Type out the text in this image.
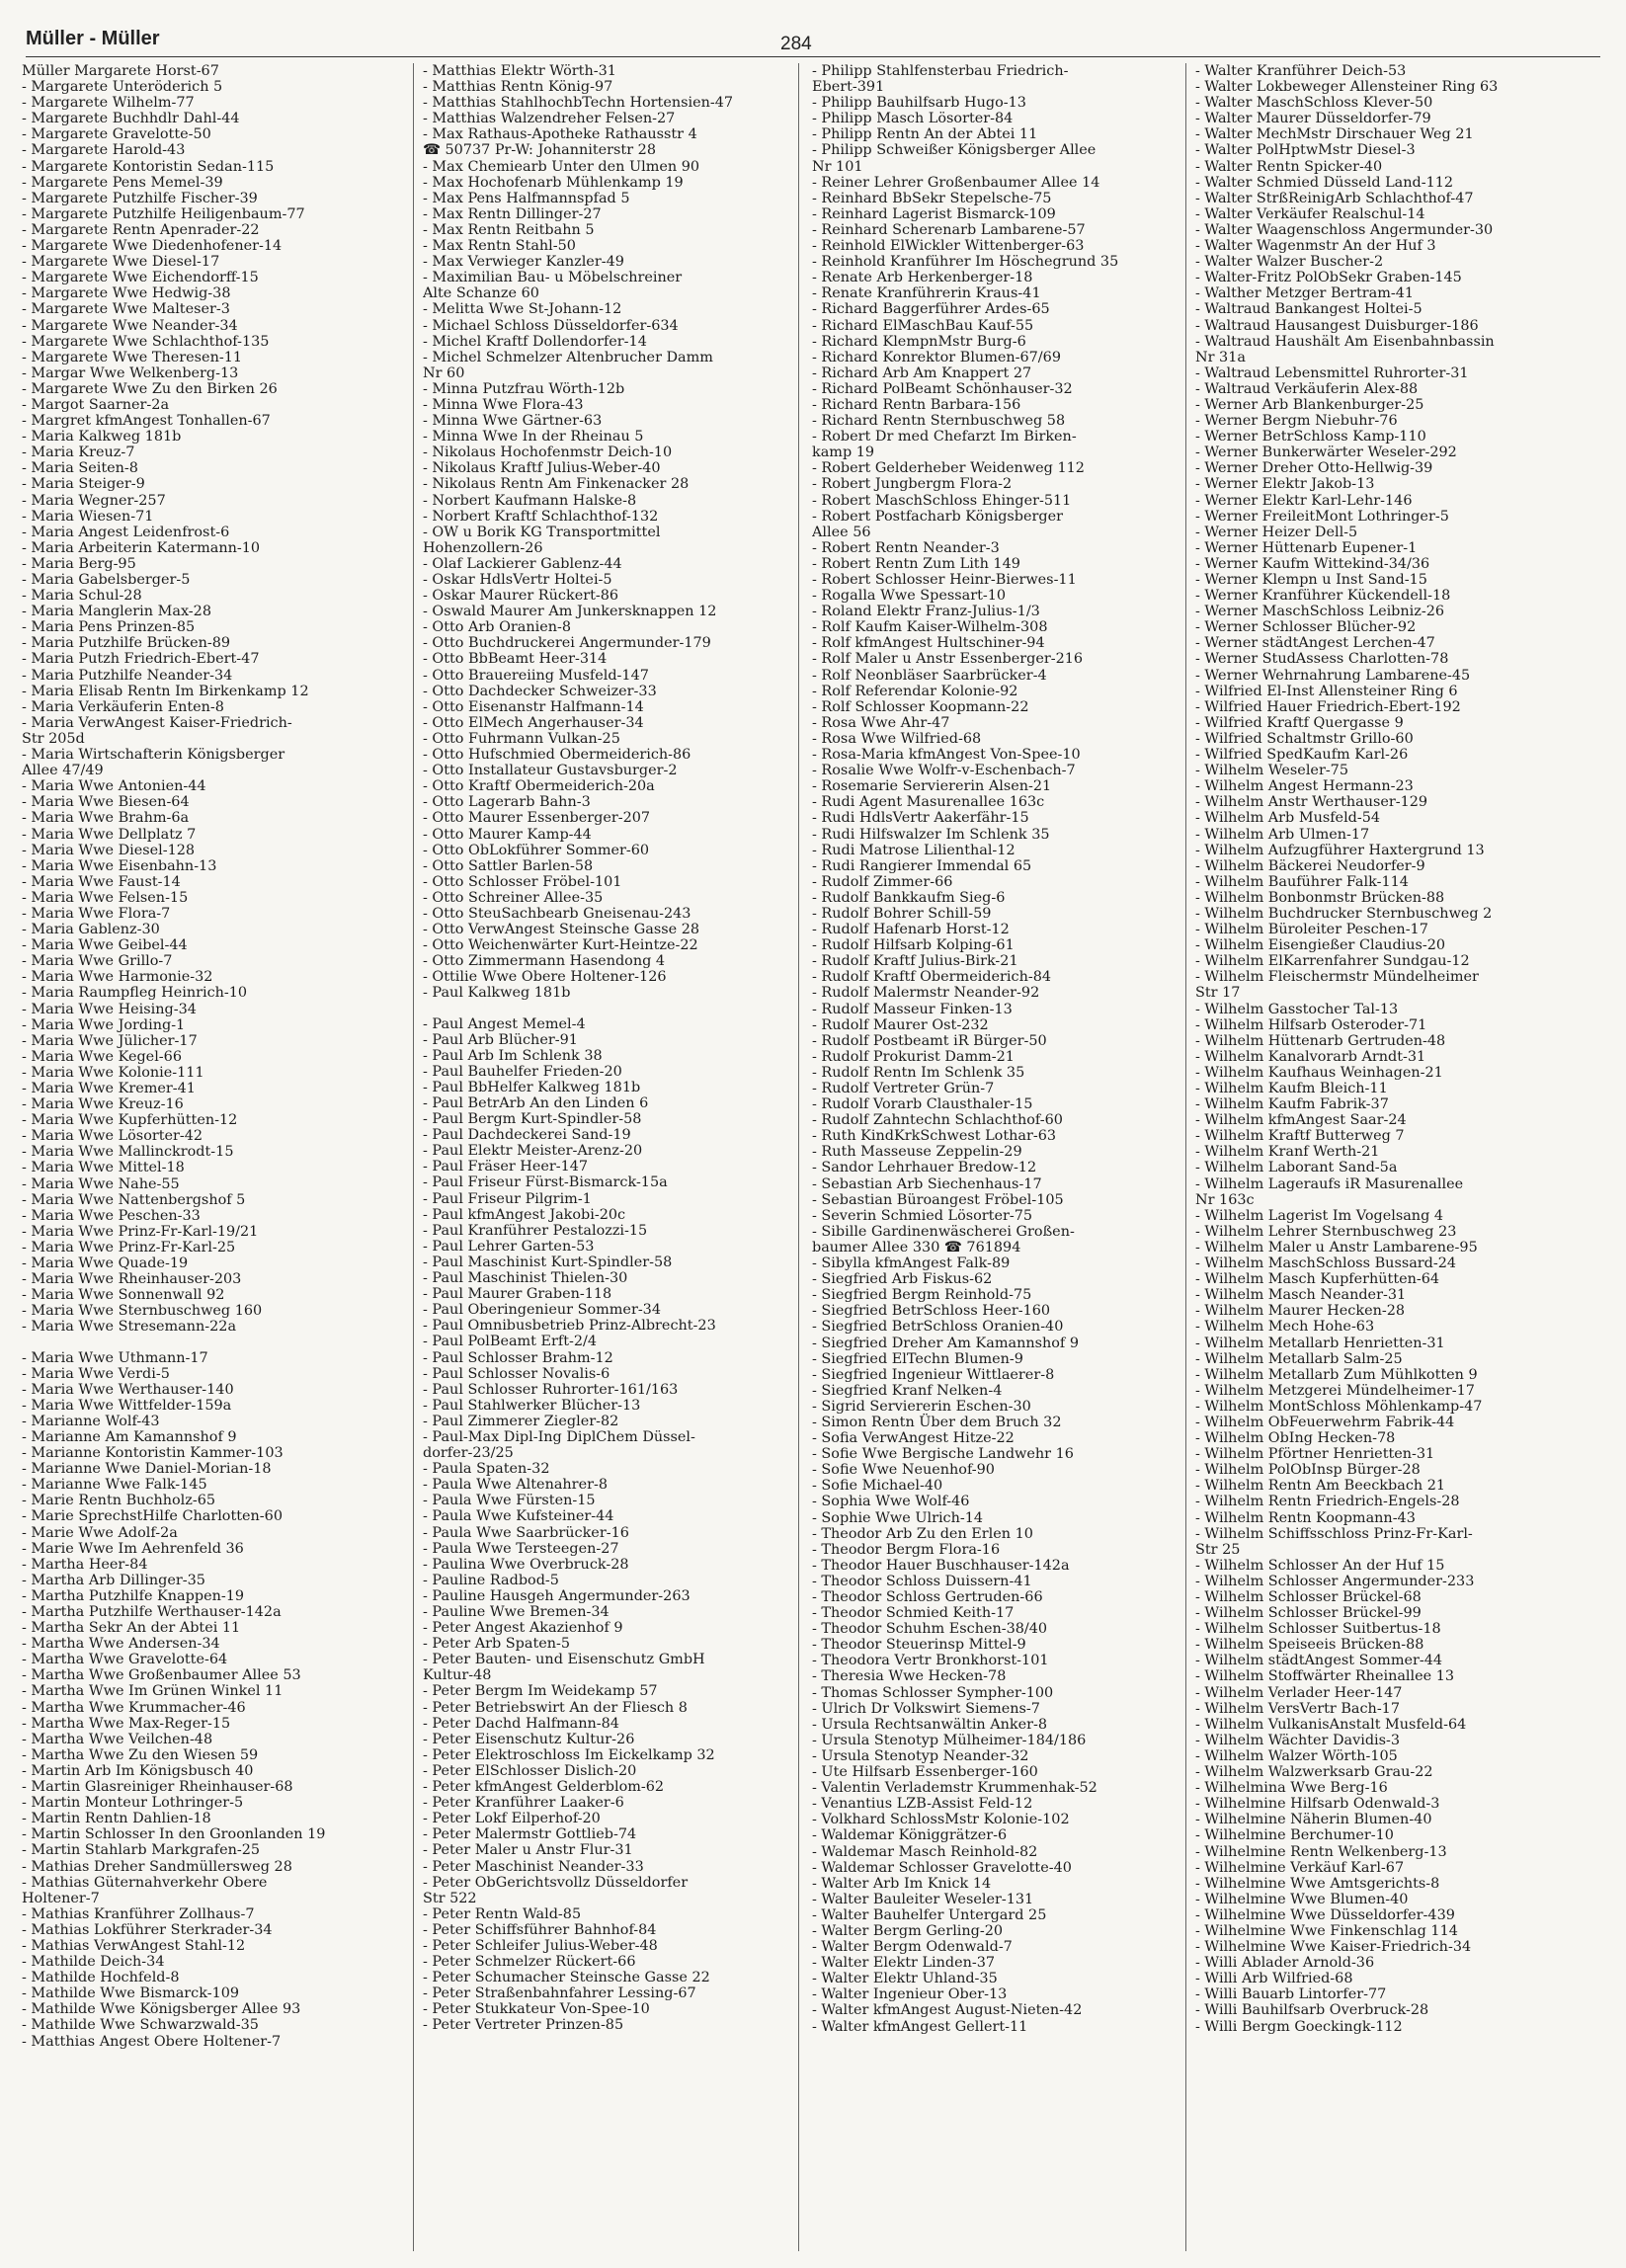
Müller - Müller	284
Müller Margarete Horst-67
- Margarete Unteröderich 5
- Margarete Wilhelm-77
- Margarete Buchhdlr Dahl-44
- Margarete Gravelotte-50
- Margarete Harold-43
- Margarete Kontoristin Sedan-115
- Margarete Pens Memel-39
- Margarete Putzhilfe Fischer-39
- Margarete Putzhilfe Heiligenbaum-77
- Margarete Rentn Apenrader-22
- Margarete Wwe Diedenhofener-14
- Margarete Wwe Diesel-17
- Margarete Wwe Eichendorff-15
- Margarete Wwe Hedwig-38
- Margarete Wwe Malteser-3
- Margarete Wwe Neander-34
- Margarete Wwe Schlachthof-135
- Margarete Wwe Theresen-11
- Margar Wwe Welkenberg-13
- Margarete Wwe Zu den Birken 26
- Margot Saarner-2a
- Margret kfmAngest Tonhallen-67
- Maria Kalkweg 181b
- Maria Kreuz-7
- Maria Seiten-8
- Maria Steiger-9
- Maria Wegner-257
- Maria Wiesen-71
- Maria Angest Leidenfrost-6
- Maria Arbeiterin Katermann-10
- Maria Berg-95
- Maria Gabelsberger-5
- Maria Schul-28
- Maria Manglerin Max-28
- Maria Pens Prinzen-85
- Maria Putzhilfe Brücken-89
- Maria Putzh Friedrich-Ebert-47
- Maria Putzhilfe Neander-34
- Maria Elisab Rentn Im Birkenkamp 12
- Maria Verkäuferin Enten-8
- Maria VerwAngest Kaiser-Friedrich-
Str 205d
- Maria Wirtschafterin Königsberger
Allee 47/49
- Maria Wwe Antonien-44
- Maria Wwe Biesen-64
- Maria Wwe Brahm-6a
- Maria Wwe Dellplatz 7
- Maria Wwe Diesel-128
- Maria Wwe Eisenbahn-13
- Maria Wwe Faust-14
- Maria Wwe Felsen-15
- Maria Wwe Flora-7
- Maria Gablenz-30
- Maria Wwe Geibel-44
- Maria Wwe Grillo-7
- Maria Wwe Harmonie-32
- Maria Raumpfleg Heinrich-10
- Maria Wwe Heising-34
- Maria Wwe Jording-1
- Maria Wwe Jülicher-17
- Maria Wwe Kegel-66
- Maria Wwe Kolonie-111
- Maria Wwe Kremer-41
- Maria Wwe Kreuz-16
- Maria Wwe Kupferhütten-12
- Maria Wwe Lösorter-42
- Maria Wwe Mallinckrodt-15
- Maria Wwe Mittel-18
- Maria Wwe Nahe-55
- Maria Wwe Nattenbergshof 5
- Maria Wwe Peschen-33
- Maria Wwe Prinz-Fr-Karl-19/21
- Maria Wwe Prinz-Fr-Karl-25
- Maria Wwe Quade-19
- Maria Wwe Rheinhauser-203
- Maria Wwe Sonnenwall 92
- Maria Wwe Sternbuschweg 160
- Maria Wwe Stresemann-22a
- Maria Wwe Uthmann-17
- Maria Wwe Verdi-5
- Maria Wwe Werthauser-140
- Maria Wwe Wittfelder-159a
- Marianne Wolf-43
- Marianne Am Kamannshof 9
- Marianne Kontoristin Kammer-103
- Marianne Wwe Daniel-Morian-18
- Marianne Wwe Falk-145
- Marie Rentn Buchholz-65
- Marie SprechstHilfe Charlotten-60
- Marie Wwe Adolf-2a
- Marie Wwe Im Aehrenfeld 36
- Martha Heer-84
- Martha Arb Dillinger-35
- Martha Putzhilfe Knappen-19
- Martha Putzhilfe Werthauser-142a
- Martha Sekr An der Abtei 11
- Martha Wwe Andersen-34
- Martha Wwe Gravelotte-64
- Martha Wwe Großenbaumer Allee 53
- Martha Wwe Im Grünen Winkel 11
- Martha Wwe Krummacher-46
- Martha Wwe Max-Reger-15
- Martha Wwe Veilchen-48
- Martha Wwe Zu den Wiesen 59
- Martin Arb Im Königsbusch 40
- Martin Glasreiniger Rheinhauser-68
- Martin Monteur Lothringer-5
- Martin Rentn Dahlien-18
- Martin Schlosser In den Groonlanden 19
- Martin Stahlarb Markgrafen-25
- Mathias Dreher Sandmüllersweg 28
- Mathias Güternahverkehr Obere
Holtener-7
- Mathias Kranführer Zollhaus-7
- Mathias Lokführer Sterkrader-34
- Mathias VerwAngest Stahl-12
- Mathilde Deich-34
- Mathilde Hochfeld-8
- Mathilde Wwe Bismarck-109
- Mathilde Wwe Königsberger Allee 93
- Mathilde Wwe Schwarzwald-35
- Matthias Angest Obere Holtener-7
- Matthias Elektr Wörth-31
- Matthias Rentn König-97
- Matthias StahlhochbTechn Hortensien-47
- Matthias Walzendreher Felsen-27
- Max Rathaus-Apotheke Rathausstr 4
☎ 50737 Pr-W: Johanniterstr 28
- Max Chemiearb Unter den Ulmen 90
- Max Hochofenarb Mühlenkamp 19
- Max Pens Halfmannspfad 5
- Max Rentn Dillinger-27
- Max Rentn Reitbahn 5
- Max Rentn Stahl-50
- Max Verwieger Kanzler-49
- Maximilian Bau- u Möbelschreiner
Alte Schanze 60
- Melitta Wwe St-Johann-12
- Michael Schloss Düsseldorfer-634
- Michel Kraftf Dollendorfer-14
- Michel Schmelzer Altenbrucher Damm
Nr 60
- Minna Putzfrau Wörth-12b
- Minna Wwe Flora-43
- Minna Wwe Gärtner-63
- Minna Wwe In der Rheinau 5
- Nikolaus Hochofenmstr Deich-10
- Nikolaus Kraftf Julius-Weber-40
- Nikolaus Rentn Am Finkenacker 28
- Norbert Kaufmann Halske-8
- Norbert Kraftf Schlachthof-132
- OW u Borik KG Transportmittel
Hohenzollern-26
- Olaf Lackierer Gablenz-44
- Oskar HdlsVertr Holtei-5
- Oskar Maurer Rückert-86
- Oswald Maurer Am Junkersknappen 12
- Otto Arb Oranien-8
- Otto Buchdruckerei Angermunder-179
- Otto BbBeamt Heer-314
- Otto Brauereiing Musfeld-147
- Otto Dachdecker Schweizer-33
- Otto Eisenanstr Halfmann-14
- Otto ElMech Angerhauser-34
- Otto Fuhrmann Vulkan-25
- Otto Hufschmied Obermeiderich-86
- Otto Installateur Gustavsburger-2
- Otto Kraftf Obermeiderich-20a
- Otto Lagerarb Bahn-3
- Otto Maurer Essenberger-207
- Otto Maurer Kamp-44
- Otto ObLokführer Sommer-60
- Otto Sattler Barlen-58
- Otto Schlosser Fröbel-101
- Otto Schreiner Allee-35
- Otto SteuSachbearb Gneisenau-243
- Otto VerwAngest Steinsche Gasse 28
- Otto Weichenwärter Kurt-Heintze-22
- Otto Zimmermann Hasendong 4
- Ottilie Wwe Obere Holtener-126
- Paul Kalkweg 181b
- Paul Angest Memel-4
- Paul Arb Blücher-91
- Paul Arb Im Schlenk 38
- Paul Bauhelfer Frieden-20
- Paul BbHelfer Kalkweg 181b
- Paul BetrArb An den Linden 6
- Paul Bergm Kurt-Spindler-58
- Paul Dachdeckerei Sand-19
- Paul Elektr Meister-Arenz-20
- Paul Fräser Heer-147
- Paul Friseur Fürst-Bismarck-15a
- Paul Friseur Pilgrim-1
- Paul kfmAngest Jakobi-20c
- Paul Kranführer Pestalozzi-15
- Paul Lehrer Garten-53
- Paul Maschinist Kurt-Spindler-58
- Paul Maschinist Thielen-30
- Paul Maurer Graben-118
- Paul Oberingenieur Sommer-34
- Paul Omnibusbetrieb Prinz-Albrecht-23
- Paul PolBeamt Erft-2/4
- Paul Schlosser Brahm-12
- Paul Schlosser Novalis-6
- Paul Schlosser Ruhrorter-161/163
- Paul Stahlwerker Blücher-13
- Paul Zimmerer Ziegler-82
- Paul-Max Dipl-Ing DiplChem Düssel-
dorfer-23/25
- Paula Spaten-32
- Paula Wwe Altenahrer-8
- Paula Wwe Fürsten-15
- Paula Wwe Kufsteiner-44
- Paula Wwe Saarbrücker-16
- Paula Wwe Tersteegen-27
- Paulina Wwe Overbruck-28
- Pauline Radbod-5
- Pauline Hausgeh Angermunder-263
- Pauline Wwe Bremen-34
- Peter Angest Akazienhof 9
- Peter Arb Spaten-5
- Peter Bauten- und Eisenschutz GmbH
Kultur-48
- Peter Bergm Im Weidekamp 57
- Peter Betriebswirt An der Fliesch 8
- Peter Dachd Halfmann-84
- Peter Eisenschutz Kultur-26
- Peter Elektroschloss Im Eickelkamp 32
- Peter ElSchlosser Dislich-20
- Peter kfmAngest Gelderblom-62
- Peter Kranführer Laaker-6
- Peter Lokf Eilperhof-20
- Peter Malermstr Gottlieb-74
- Peter Maler u Anstr Flur-31
- Peter Maschinist Neander-33
- Peter ObGerichtsvollz Düsseldorfer
Str 522
- Peter Rentn Wald-85
- Peter Schiffsführer Bahnhof-84
- Peter Schleifer Julius-Weber-48
- Peter Schmelzer Rückert-66
- Peter Schumacher Steinsche Gasse 22
- Peter Straßenbahnfahrer Lessing-67
- Peter Stukkateur Von-Spee-10
- Peter Vertreter Prinzen-85
- Philipp Stahlfensterbau Friedrich-
Ebert-391
- Philipp Bauhilfsarb Hugo-13
- Philipp Masch Lösorter-84
- Philipp Rentn An der Abtei 11
- Philipp Schweißer Königsberger Allee
Nr 101
- Reiner Lehrer Großenbaumer Allee 14
- Reinhard BbSekr Stepelsche-75
- Reinhard Lagerist Bismarck-109
- Reinhard Scherenarb Lambarene-57
- Reinhold ElWickler Wittenberger-63
- Reinhold Kranführer Im Höschegrund 35
- Renate Arb Herkenberger-18
- Renate Kranführerin Kraus-41
- Richard Baggerführer Ardes-65
- Richard ElMaschBau Kauf-55
- Richard KlempnMstr Burg-6
- Richard Konrektor Blumen-67/69
- Richard Arb Am Knappert 27
- Richard PolBeamt Schönhauser-32
- Richard Rentn Barbara-156
- Richard Rentn Sternbuschweg 58
- Robert Dr med Chefarzt Im Birken-
kamp 19
- Robert Gelderheber Weidenweg 112
- Robert Jungbergm Flora-2
- Robert MaschSchloss Ehinger-511
- Robert Postfacharb Königsberger
Allee 56
- Robert Rentn Neander-3
- Robert Rentn Zum Lith 149
- Robert Schlosser Heinr-Bierwes-11
- Rogalla Wwe Spessart-10
- Roland Elektr Franz-Julius-1/3
- Rolf Kaufm Kaiser-Wilhelm-308
- Rolf kfmAngest Hultschiner-94
- Rolf Maler u Anstr Essenberger-216
- Rolf Neonbläser Saarbrücker-4
- Rolf Referendar Kolonie-92
- Rolf Schlosser Koopmann-22
- Rosa Wwe Ahr-47
- Rosa Wwe Wilfried-68
- Rosa-Maria kfmAngest Von-Spee-10
- Rosalie Wwe Wolfr-v-Eschenbach-7
- Rosemarie Serviererin Alsen-21
- Rudi Agent Masurenallee 163c
- Rudi HdlsVertr Aakerfähr-15
- Rudi Hilfswalzer Im Schlenk 35
- Rudi Matrose Lilienthal-12
- Rudi Rangierer Immendal 65
- Rudolf Zimmer-66
- Rudolf Bankkaufm Sieg-6
- Rudolf Bohrer Schill-59
- Rudolf Hafenarb Horst-12
- Rudolf Hilfsarb Kolping-61
- Rudolf Kraftf Julius-Birk-21
- Rudolf Kraftf Obermeiderich-84
- Rudolf Malermstr Neander-92
- Rudolf Masseur Finken-13
- Rudolf Maurer Ost-232
- Rudolf Postbeamt iR Bürger-50
- Rudolf Prokurist Damm-21
- Rudolf Rentn Im Schlenk 35
- Rudolf Vertreter Grün-7
- Rudolf Vorarb Clausthaler-15
- Rudolf Zahntechn Schlachthof-60
- Ruth KindKrkSchwest Lothar-63
- Ruth Masseuse Zeppelin-29
- Sandor Lehrhauer Bredow-12
- Sebastian Arb Siechenhaus-17
- Sebastian Büroangest Fröbel-105
- Severin Schmied Lösorter-75
- Sibille Gardinenwäscherei Großen-
baumer Allee 330 ☎ 761894
- Sibylla kfmAngest Falk-89
- Siegfried Arb Fiskus-62
- Siegfried Bergm Reinhold-75
- Siegfried BetrSchloss Heer-160
- Siegfried BetrSchloss Oranien-40
- Siegfried Dreher Am Kamannshof 9
- Siegfried ElTechn Blumen-9
- Siegfried Ingenieur Wittlaerer-8
- Siegfried Kranf Nelken-4
- Sigrid Serviererin Eschen-30
- Simon Rentn Über dem Bruch 32
- Sofia VerwAngest Hitze-22
- Sofie Wwe Bergische Landwehr 16
- Sofie Wwe Neuenhof-90
- Sofie Michael-40
- Sophia Wwe Wolf-46
- Sophie Wwe Ulrich-14
- Theodor Arb Zu den Erlen 10
- Theodor Bergm Flora-16
- Theodor Hauer Buschhauser-142a
- Theodor Schloss Duissern-41
- Theodor Schloss Gertruden-66
- Theodor Schmied Keith-17
- Theodor Schuhm Eschen-38/40
- Theodor Steuerinsp Mittel-9
- Theodora Vertr Bronkhorst-101
- Theresia Wwe Hecken-78
- Thomas Schlosser Sympher-100
- Ulrich Dr Volkswirt Siemens-7
- Ursula Rechtsanwältin Anker-8
- Ursula Stenotyp Mülheimer-184/186
- Ursula Stenotyp Neander-32
- Ute Hilfsarb Essenberger-160
- Valentin Verlademstr Krummenhak-52
- Venantius LZB-Assist Feld-12
- Volkhard SchlossMstr Kolonie-102
- Waldemar Königgrätzer-6
- Waldemar Masch Reinhold-82
- Waldemar Schlosser Gravelotte-40
- Walter Arb Im Knick 14
- Walter Bauleiter Weseler-131
- Walter Bauhelfer Untergard 25
- Walter Bergm Gerling-20
- Walter Bergm Odenwald-7
- Walter Elektr Linden-37
- Walter Elektr Uhland-35
- Walter Ingenieur Ober-13
- Walter kfmAngest August-Nieten-42
- Walter kfmAngest Gellert-11
- Walter Kranführer Deich-53
- Walter Lokbeweger Allensteiner Ring 63
- Walter MaschSchloss Klever-50
- Walter Maurer Düsseldorfer-79
- Walter MechMstr Dirschauer Weg 21
- Walter PolHptwMstr Diesel-3
- Walter Rentn Spicker-40
- Walter Schmied Düsseld Land-112
- Walter StrßReinigArb Schlachthof-47
- Walter Verkäufer Realschul-14
- Walter Waagenschloss Angermunder-30
- Walter Wagenmstr An der Huf 3
- Walter Walzer Buscher-2
- Walter-Fritz PolObSekr Graben-145
- Walther Metzger Bertram-41
- Waltraud Bankangest Holtei-5
- Waltraud Hausangest Duisburger-186
- Waltraud Haushält Am Eisenbahnbassin
Nr 31a
- Waltraud Lebensmittel Ruhrorter-31
- Waltraud Verkäuferin Alex-88
- Werner Arb Blankenburger-25
- Werner Bergm Niebuhr-76
- Werner BetrSchloss Kamp-110
- Werner Bunkerwärter Weseler-292
- Werner Dreher Otto-Hellwig-39
- Werner Elektr Jakob-13
- Werner Elektr Karl-Lehr-146
- Werner FreileitMont Lothringer-5
- Werner Heizer Dell-5
- Werner Hüttenarb Eupener-1
- Werner Kaufm Wittekind-34/36
- Werner Klempn u Inst Sand-15
- Werner Kranführer Kückendell-18
- Werner MaschSchloss Leibniz-26
- Werner Schlosser Blücher-92
- Werner städtAngest Lerchen-47
- Werner StudAssess Charlotten-78
- Werner Wehrnahrung Lambarene-45
- Wilfried El-Inst Allensteiner Ring 6
- Wilfried Hauer Friedrich-Ebert-192
- Wilfried Kraftf Quergasse 9
- Wilfried Schaltmstr Grillo-60
- Wilfried SpedKaufm Karl-26
- Wilhelm Weseler-75
- Wilhelm Angest Hermann-23
- Wilhelm Anstr Werthauser-129
- Wilhelm Arb Musfeld-54
- Wilhelm Arb Ulmen-17
- Wilhelm Aufzugführer Haxtergrund 13
- Wilhelm Bäckerei Neudorfer-9
- Wilhelm Bauführer Falk-114
- Wilhelm Bonbonmstr Brücken-88
- Wilhelm Buchdrucker Sternbuschweg 2
- Wilhelm Büroleiter Peschen-17
- Wilhelm Eisengießer Claudius-20
- Wilhelm ElKarrenfahrer Sundgau-12
- Wilhelm Fleischermstr Mündelheimer
Str 17
- Wilhelm Gasstocher Tal-13
- Wilhelm Hilfsarb Osteroder-71
- Wilhelm Hüttenarb Gertruden-48
- Wilhelm Kanalvorarb Arndt-31
- Wilhelm Kaufhaus Weinhagen-21
- Wilhelm Kaufm Bleich-11
- Wilhelm Kaufm Fabrik-37
- Wilhelm kfmAngest Saar-24
- Wilhelm Kraftf Butterweg 7
- Wilhelm Kranf Werth-21
- Wilhelm Laborant Sand-5a
- Wilhelm Lageraufs iR Masurenallee
Nr 163c
- Wilhelm Lagerist Im Vogelsang 4
- Wilhelm Lehrer Sternbuschweg 23
- Wilhelm Maler u Anstr Lambarene-95
- Wilhelm MaschSchloss Bussard-24
- Wilhelm Masch Kupferhütten-64
- Wilhelm Masch Neander-31
- Wilhelm Maurer Hecken-28
- Wilhelm Mech Hohe-63
- Wilhelm Metallarb Henrietten-31
- Wilhelm Metallarb Salm-25
- Wilhelm Metallarb Zum Mühlkotten 9
- Wilhelm Metzgerei Mündelheimer-17
- Wilhelm MontSchloss Möhlenkamp-47
- Wilhelm ObFeuerwehrm Fabrik-44
- Wilhelm ObIng Hecken-78
- Wilhelm Pförtner Henrietten-31
- Wilhelm PolObInsp Bürger-28
- Wilhelm Rentn Am Beeckbach 21
- Wilhelm Rentn Friedrich-Engels-28
- Wilhelm Rentn Koopmann-43
- Wilhelm Schiffsschloss Prinz-Fr-Karl-
Str 25
- Wilhelm Schlosser An der Huf 15
- Wilhelm Schlosser Angermunder-233
- Wilhelm Schlosser Brückel-68
- Wilhelm Schlosser Brückel-99
- Wilhelm Schlosser Suitbertus-18
- Wilhelm Speiseeis Brücken-88
- Wilhelm städtAngest Sommer-44
- Wilhelm Stoffwärter Rheinallee 13
- Wilhelm Verlader Heer-147
- Wilhelm VersVertr Bach-17
- Wilhelm VulkanisAnstalt Musfeld-64
- Wilhelm Wächter Davidis-3
- Wilhelm Walzer Wörth-105
- Wilhelm Walzwerksarb Grau-22
- Wilhelmina Wwe Berg-16
- Wilhelmine Hilfsarb Odenwald-3
- Wilhelmine Näherin Blumen-40
- Wilhelmine Berchumer-10
- Wilhelmine Rentn Welkenberg-13
- Wilhelmine Verkäuf Karl-67
- Wilhelmine Wwe Amtsgerichts-8
- Wilhelmine Wwe Blumen-40
- Wilhelmine Wwe Düsseldorfer-439
- Wilhelmine Wwe Finkenschlag 114
- Wilhelmine Wwe Kaiser-Friedrich-34
- Willi Ablader Arnold-36
- Willi Arb Wilfried-68
- Willi Bauarb Lintorfer-77
- Willi Bauhilfsarb Overbruck-28
- Willi Bergm Goeckingk-112
